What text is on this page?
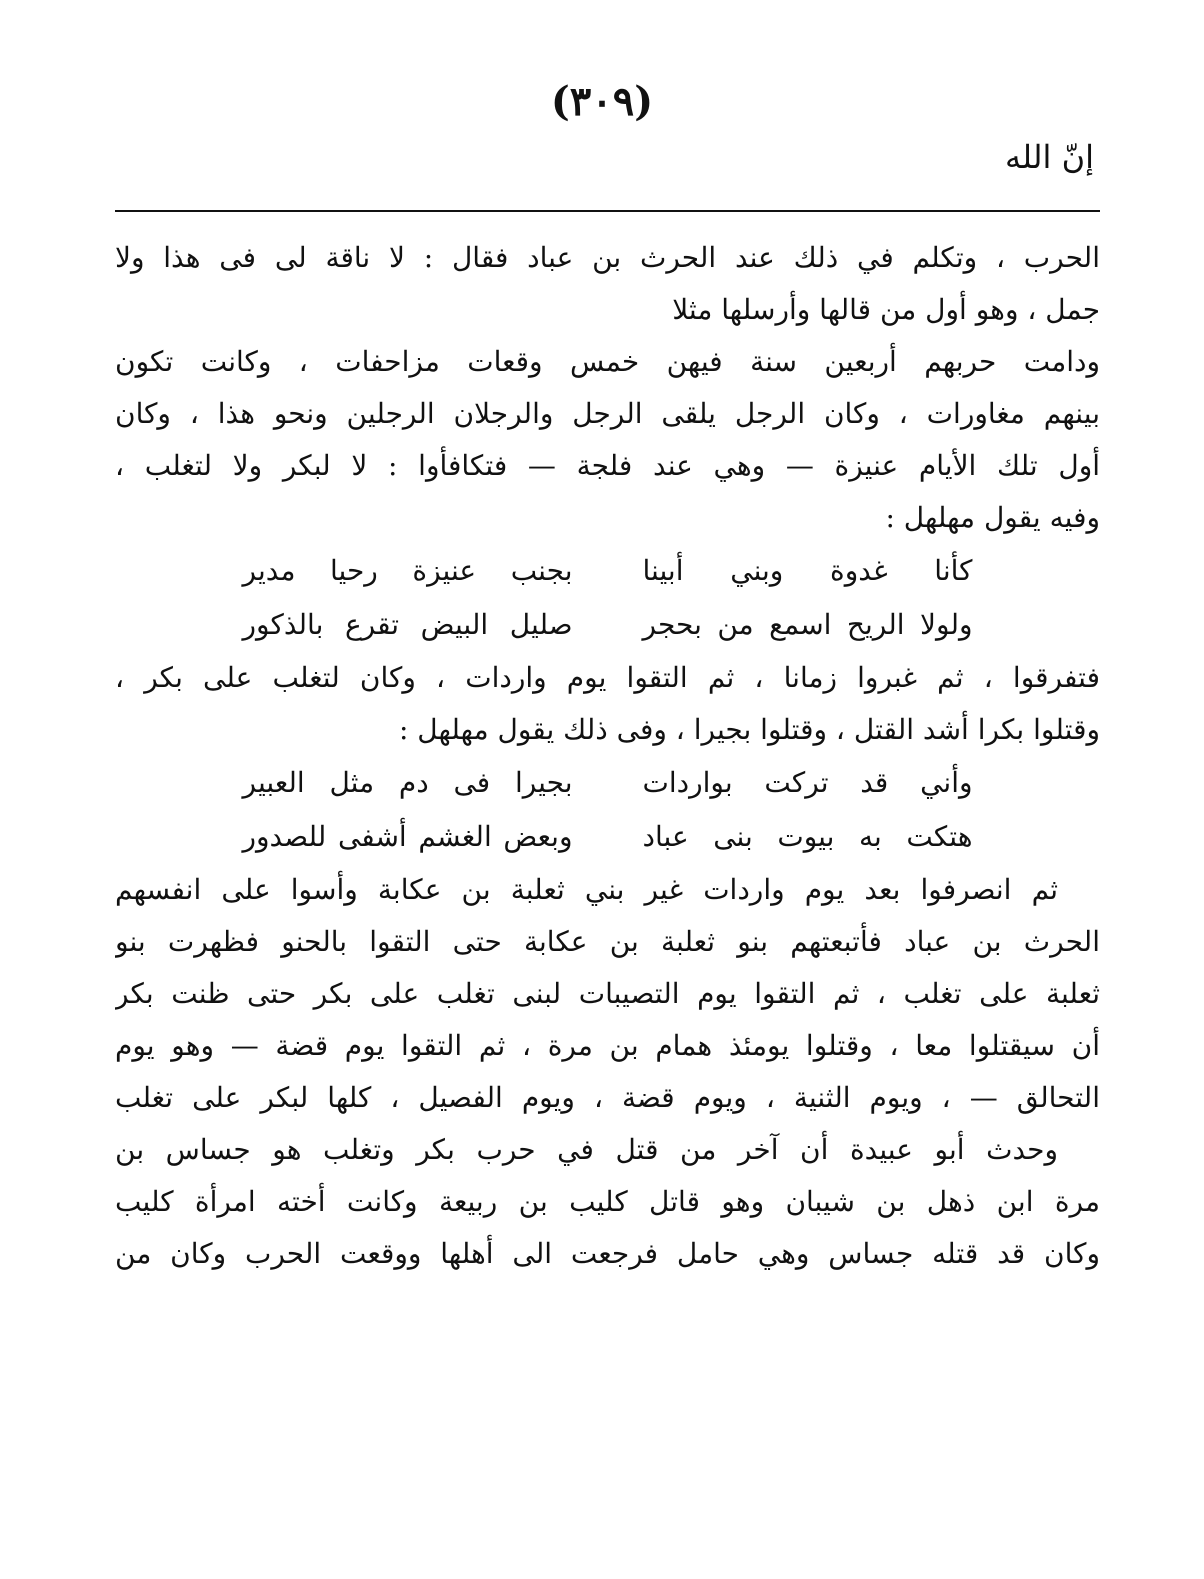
(٣٠٩)
إنّ الله
الحرب ، وتكلم في ذلك عند الحرث بن عباد فقال : لا ناقة لى فى هذا ولا
جمل ، وهو أول من قالها وأرسلها مثلا
ودامت حربهم أربعين سنة فيهن خمس وقعات مزاحفات ، وكانت تكون
بينهم مغاورات ، وكان الرجل يلقى الرجل والرجلان الرجلين ونحو هذا ، وكان
أول تلك الأيام عنيزة — وهي عند فلجة — فتكافأوا : لا لبكر ولا لتغلب ،
وفيه يقول مهلهل :
كأنا غدوة وبني أبينا
بجنب عنيزة رحيا مدير
ولولا الريح اسمع من بحجر
صليل البيض تقرع بالذكور
فتفرقوا ، ثم غبروا زمانا ، ثم التقوا يوم واردات ، وكان لتغلب على بكر ،
وقتلوا بكرا أشد القتل ، وقتلوا بجيرا ، وفى ذلك يقول مهلهل :
وأني قد تركت بواردات
بجيرا فى دم مثل العبير
هتكت به بيوت بنى عباد
وبعض الغشم أشفى للصدور
ثم انصرفوا بعد يوم واردات غير بني ثعلبة بن عكابة وأسوا على انفسهم
الحرث بن عباد فأتبعتهم بنو ثعلبة بن عكابة حتى التقوا بالحنو فظهرت بنو
ثعلبة على تغلب ، ثم التقوا يوم التصيبات لبنى تغلب على بكر حتى ظنت بكر
أن سيقتلوا معا ، وقتلوا يومئذ همام بن مرة ، ثم التقوا يوم قضة — وهو يوم
التحالق — ، ويوم الثنية ، ويوم قضة ، ويوم الفصيل ، كلها لبكر على تغلب
وحدث أبو عبيدة أن آخر من قتل في حرب بكر وتغلب هو جساس بن
مرة ابن ذهل بن شيبان وهو قاتل كليب بن ربيعة وكانت أخته امرأة كليب
وكان قد قتله جساس وهي حامل فرجعت الى أهلها ووقعت الحرب وكان من
